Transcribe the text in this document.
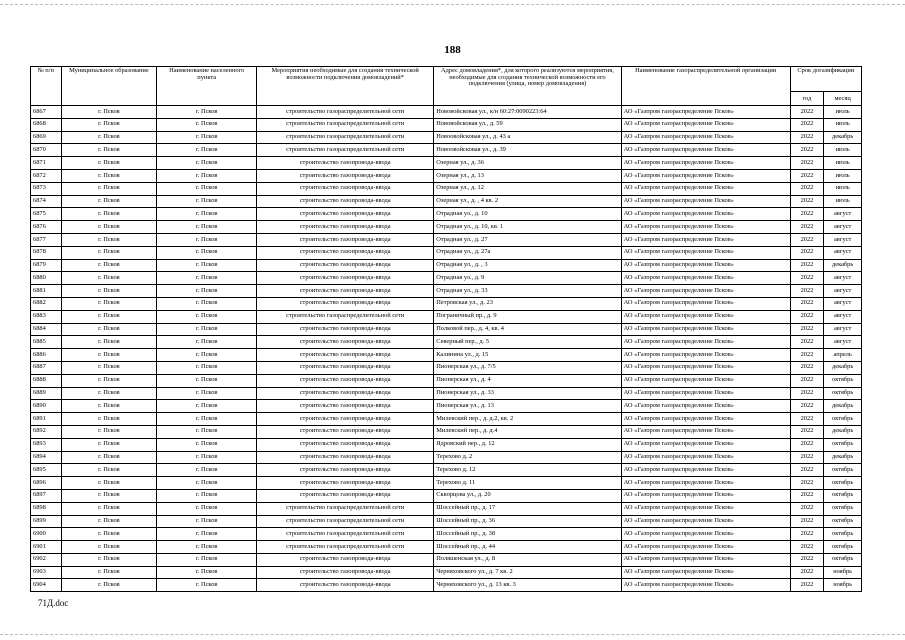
188
№ п/п	Муниципальное образование	Наименование населенного пункта	Мероприятия необходимые для создания технической возможности подключения домовладений*	Адрес домовладения*, для которого реализуются мероприятия, необходимые для создания технической возможности его подключения (улица, номер домовладения)	Наименование газораспределительной организации	Срок догазификации	
						год	месяц
6867	г. Псков	г. Псков	строительство газораспределительной сети	Нововойсковая ул., к/н 60:27:0090223:64	АО «Газпром газораспределение Псков»	2022	июль
6868	г. Псков	г. Псков	строительство газораспределительной сети	Нововойсковая ул., д. 59	АО «Газпром газораспределение Псков»	2022	июль
6869	г. Псков	г. Псков	строительство газораспределительной сети	Новоовойсковая ул., д. 43 а	АО «Газпром газораспределение Псков»	2022	декабрь
6870	г. Псков	г. Псков	строительство газораспределительной сети	Новоовойсковая ул., д. 39	АО «Газпром газораспределение Псков»	2022	июль
6871	г. Псков	г. Псков	строительство газопровода-ввода	Озерная ул., д. 36	АО «Газпром газораспределение Псков»	2022	июль
6872	г. Псков	г. Псков	строительство газопровода-ввода	Озерная ул., д. 13	АО «Газпром газораспределение Псков»	2022	июль
6873	г. Псков	г. Псков	строительство газопровода-ввода	Озерная ул., д. 12	АО «Газпром газораспределение Псков»	2022	июль
6874	г. Псков	г. Псков	строительство газопровода-ввода	Озерная ул., д. , 4 кв. 2	АО «Газпром газораспределение Псков»	2022	июль
6875	г. Псков	г. Псков	строительство газопровода-ввода	Отрадная ул., д. 10	АО «Газпром газораспределение Псков»	2022	август
6876	г. Псков	г. Псков	строительство газопровода-ввода	Отрадная ул., д. 10, кв. 1	АО «Газпром газораспределение Псков»	2022	август
6877	г. Псков	г. Псков	строительство газопровода-ввода	Отрадная ул., д. 27	АО «Газпром газораспределение Псков»	2022	август
6878	г. Псков	г. Псков	строительство газопровода-ввода	Отрадная ул., д. 27а	АО «Газпром газораспределение Псков»	2022	август
6879	г. Псков	г. Псков	строительство газопровода-ввода	Отрадная ул., д. , 3	АО «Газпром газораспределение Псков»	2022	декабрь
6880	г. Псков	г. Псков	строительство газопровода-ввода	Отрадная ул., д. 9	АО «Газпром газораспределение Псков»	2022	август
6881	г. Псков	г. Псков	строительство газопровода-ввода	Отрадная ул., д. 33	АО «Газпром газораспределение Псков»	2022	август
6882	г. Псков	г. Псков	строительство газопровода-ввода	Петровская ул., д. 23	АО «Газпром газораспределение Псков»	2022	август
6883	г. Псков	г. Псков	строительство газораспределительной сети	Пограничный пр., д. 9	АО «Газпром газораспределение Псков»	2022	август
6884	г. Псков	г. Псков	строительство газопровода-ввода	Полковой пер., д. 4, кв. 4	АО «Газпром газораспределение Псков»	2022	август
6885	г. Псков	г. Псков	строительство газопровода-ввода	Северный пер., д. 5	АО «Газпром газораспределение Псков»	2022	август
6886	г. Псков	г. Псков	строительство газопровода-ввода	Калинина ул., д. 15	АО «Газпром газораспределение Псков»	2022	апрель
6887	г. Псков	г. Псков	строительство газопровода-ввода	Пионерская ул., д. 7/5	АО «Газпром газораспределение Псков»	2022	декабрь
6888	г. Псков	г. Псков	строительство газопровода-ввода	Пионерская ул., д. 4	АО «Газпром газораспределение Псков»	2022	октябрь
6889	г. Псков	г. Псков	строительство газопровода-ввода	Пионерская ул., д. 33	АО «Газпром газораспределение Псков»	2022	октябрь
6890	г. Псков	г. Псков	строительство газопровода-ввода	Пионерская ул., д. 13	АО «Газпром газораспределение Псков»	2022	декабрь
6891	г. Псков	г. Псков	строительство газопровода-ввода	Милевский пер., д. д.2, кв. 2	АО «Газпром газораспределение Псков»	2022	октябрь
6892	г. Псков	г. Псков	строительство газопровода-ввода	Милевский пер., д. д.4	АО «Газпром газораспределение Псков»	2022	декабрь
6893	г. Псков	г. Псков	строительство газопровода-ввода	Ядровский пер., д. 12	АО «Газпром газораспределение Псков»	2022	октябрь
6894	г. Псков	г. Псков	строительство газопровода-ввода	Терехово д. 2	АО «Газпром газораспределение Псков»	2022	декабрь
6895	г. Псков	г. Псков	строительство газопровода-ввода	Терехово д. 12	АО «Газпром газораспределение Псков»	2022	октябрь
6896	г. Псков	г. Псков	строительство газопровода-ввода	Терехово д. 11	АО «Газпром газораспределение Псков»	2022	октябрь
6897	г. Псков	г. Псков	строительство газопровода-ввода	Скворцова ул., д. 20	АО «Газпром газораспределение Псков»	2022	октябрь
6898	г. Псков	г. Псков	строительство газораспределительной сети	Шоссейный пр., д. 17	АО «Газпром газораспределение Псков»	2022	октябрь
6899	г. Псков	г. Псков	строительство газораспределительной сети	Шоссейный пр., д. 36	АО «Газпром газораспределение Псков»	2022	октябрь
6900	г. Псков	г. Псков	строительство газораспределительной сети	Шоссейный пр., д. 38	АО «Газпром газораспределение Псков»	2022	октябрь
6901	г. Псков	г. Псков	строительство газораспределительной сети	Шоссейный пр., д. 44	АО «Газпром газораспределение Псков»	2022	октябрь
6902	г. Псков	г. Псков	строительство газопровода-ввода	Поляшенская ул., д. 8	АО «Газпром газораспределение Псков»	2022	октябрь
6903	г. Псков	г. Псков	строительство газопровода-ввода	Черняховского ул., д. 7 кв. 2	АО «Газпром газораспределение Псков»	2022	ноябрь
6904	г. Псков	г. Псков	строительство газопровода-ввода	Черняховского ул., д. 13 кв. 3	АО «Газпром газораспределение Псков»	2022	ноябрь
71Д.doc
